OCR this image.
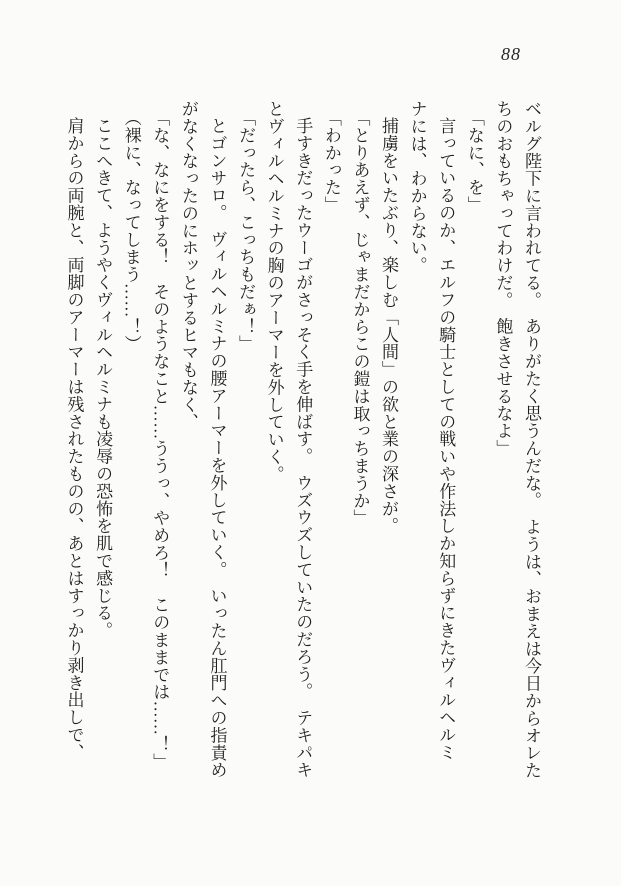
88

ベルグ陛下に言われてる。　ありがたく思うんだな。　ようは、おまえは今日からオレた

ちのおもちゃってわけだ。　飽きさせるなよ」

「なに、を」

言っているのか、エルフの騎士としての戦いや作法しか知らずにきたヴィルヘルミ

ナには、わからない。

捕虜をいたぶり、楽しむ「人間」の欲と業の深さが。

「とりあえず、じゃまだからこの鎧は取っちまうか」

「わかった」

手すきだったウーゴがさっそく手を伸ばす。　ウズウズしていたのだろう。　テキパキ

とヴィルヘルミナの胸のアーマーを外していく。

「だったら、こっちもだぁ！」

とゴンサロ。　ヴィルヘルミナの腰アーマーを外していく。　いったん肛門への指責め

がなくなったのにホッとするヒマもなく、

「な、なにをする！　そのようなこと……ううっ、やめろ！　このままでは……！」

（裸に、なってしまう……！）

ここへきて、ようやくヴィルヘルミナも凌辱の恐怖を肌で感じる。

肩からの両腕と、両脚のアーマーは残されたものの、あとはすっかり剥き出しで、
